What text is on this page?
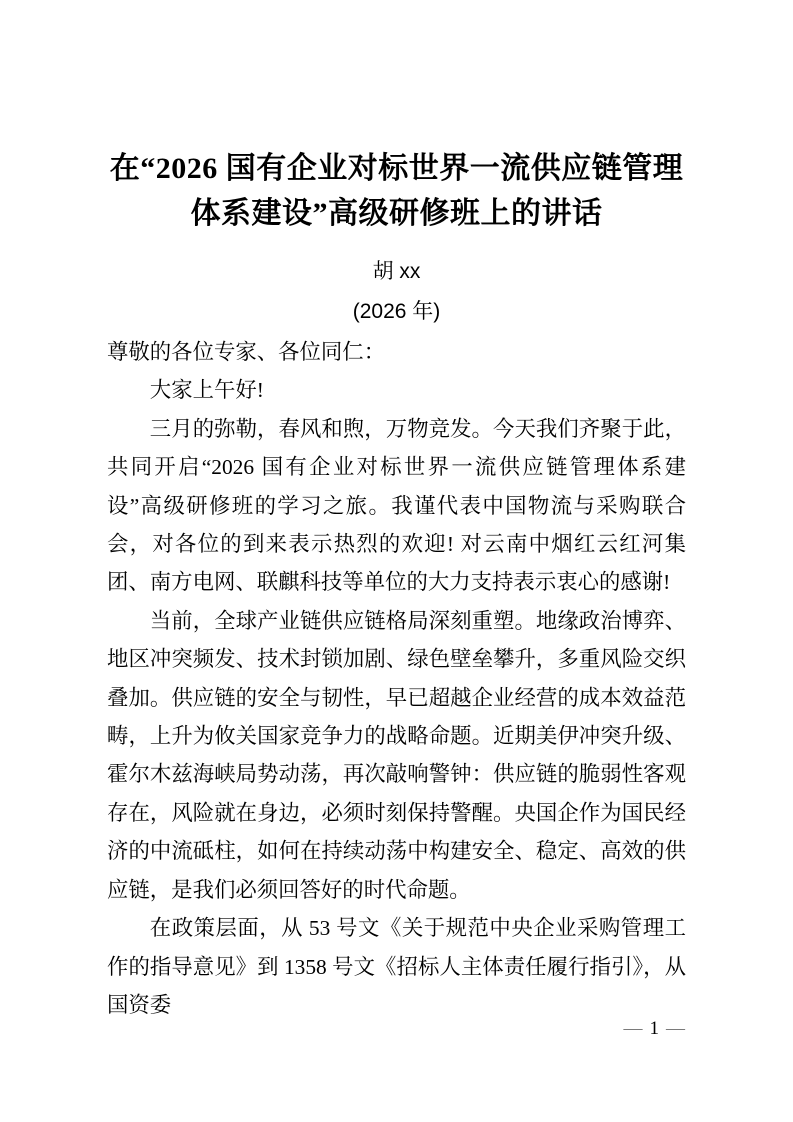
在“2026 国有企业对标世界一流供应链管理
体系建设”高级研修班上的讲话
胡 xx
(2026 年)

尊敬的各位专家、各位同仁：

大家上午好!

三月的弥勒，春风和煦，万物竞发。今天我们齐聚于此，共同开启“2026 国有企业对标世界一流供应链管理体系建设”高级研修班的学习之旅。我谨代表中国物流与采购联合会，对各位的到来表示热烈的欢迎! 对云南中烟红云红河集团、南方电网、联麒科技等单位的大力支持表示衷心的感谢!

当前，全球产业链供应链格局深刻重塑。地缘政治博弈、地区冲突频发、技术封锁加剧、绿色壁垒攀升，多重风险交织叠加。供应链的安全与韧性，早已超越企业经营的成本效益范畴，上升为攸关国家竞争力的战略命题。近期美伊冲突升级、霍尔木兹海峡局势动荡，再次敲响警钟：供应链的脆弱性客观存在，风险就在身边，必须时刻保持警醒。央国企作为国民经济的中流砥柱，如何在持续动荡中构建安全、稳定、高效的供应链，是我们必须回答好的时代命题。

在政策层面，从 53 号文《关于规范中央企业采购管理工作的指导意见》到 1358 号文《招标人主体责任履行指引》，从国资委

— 1 —
